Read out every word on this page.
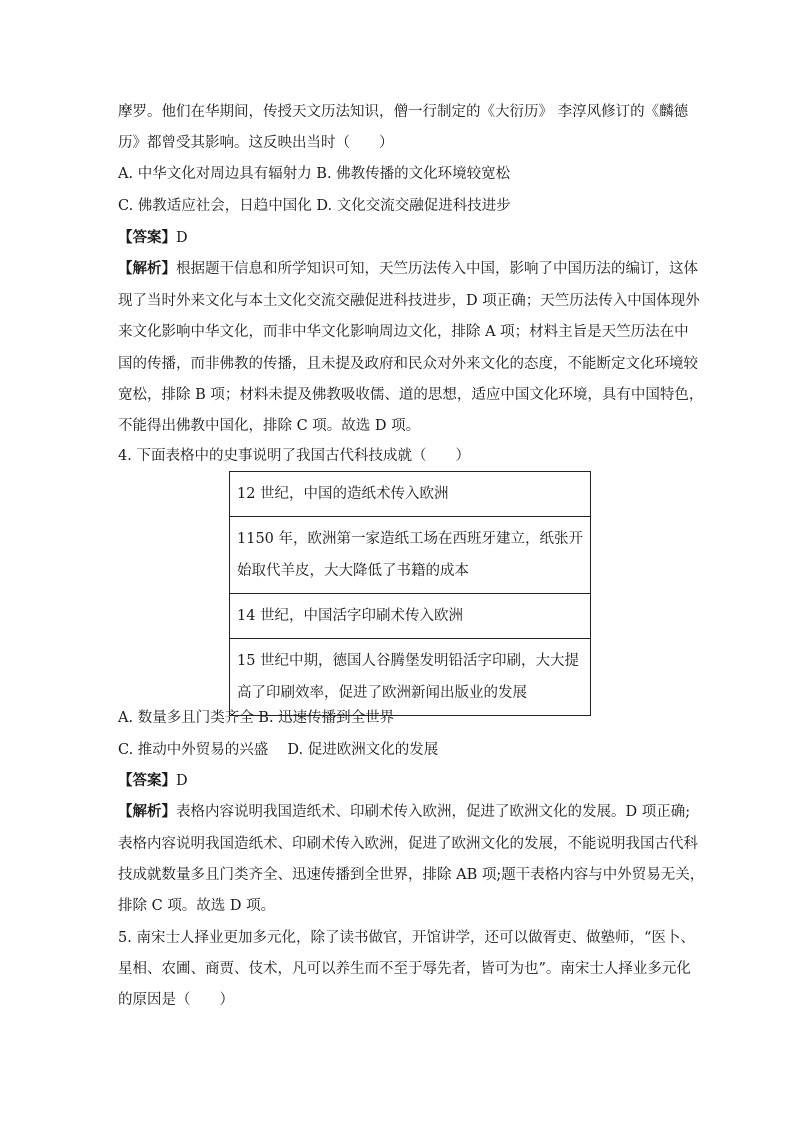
摩罗。他们在华期间，传授天文历法知识，僧一行制定的《大衍历》 李淳风修订的《麟德
历》都曾受其影响。这反映出当时（　　）
A. 中华文化对周边具有辐射力 B. 佛教传播的文化环境较宽松
C. 佛教适应社会，日趋中国化 D. 文化交流交融促进科技进步
【答案】D
【解析】根据题干信息和所学知识可知，天竺历法传入中国，影响了中国历法的编订，这体
现了当时外来文化与本土文化交流交融促进科技进步，D 项正确；天竺历法传入中国体现外
来文化影响中华文化，而非中华文化影响周边文化，排除 A 项；材料主旨是天竺历法在中
国的传播，而非佛教的传播，且未提及政府和民众对外来文化的态度，不能断定文化环境较
宽松，排除 B 项；材料未提及佛教吸收儒、道的思想，适应中国文化环境，具有中国特色，
不能得出佛教中国化，排除 C 项。故选 D 项。
4. 下面表格中的史事说明了我国古代科技成就（　　）
12 世纪，中国的造纸术传入欧洲

1150 年，欧洲第一家造纸工场在西班牙建立，纸张开
始取代羊皮，大大降低了书籍的成本

14 世纪，中国活字印刷术传入欧洲

15 世纪中期，德国人谷腾堡发明铅活字印刷，大大提
高了印刷效率，促进了欧洲新闻出版业的发展
A. 数量多且门类齐全 B. 迅速传播到全世界
C. 推动中外贸易的兴盛　 D. 促进欧洲文化的发展
【答案】D
【解析】表格内容说明我国造纸术、印刷术传入欧洲，促进了欧洲文化的发展。D 项正确;
表格内容说明我国造纸术、印刷术传入欧洲，促进了欧洲文化的发展，不能说明我国古代科
技成就数量多且门类齐全、迅速传播到全世界，排除 AB 项;题干表格内容与中外贸易无关，
排除 C 项。故选 D 项。
5. 南宋士人择业更加多元化，除了读书做官，开馆讲学，还可以做胥吏、做塾师，“医卜、
星相、农圃、商贾、伎术，凡可以养生而不至于辱先者，皆可为也”。南宋士人择业多元化
的原因是（　　）
